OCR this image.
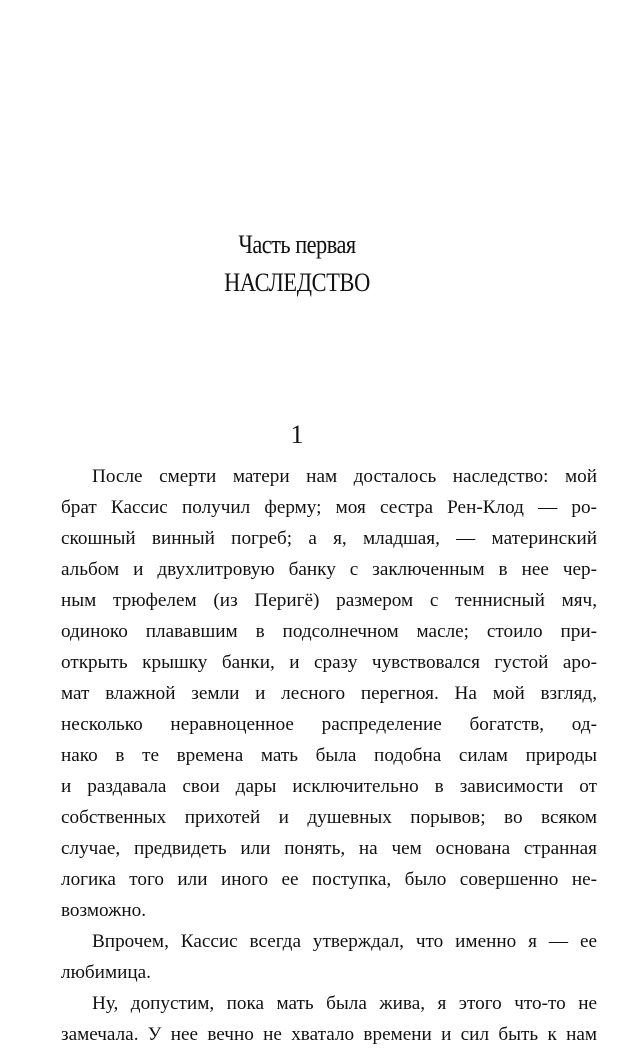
Часть первая
НАСЛЕДСТВО
1
После смерти матери нам досталось наследство: мой
брат Кассис получил ферму; моя сестра Рен-Клод — ро-
скошный винный погреб; а я, младшая, — материнский
альбом и двухлитровую банку с заключенным в нее чер-
ным трюфелем (из Перигё) размером с теннисный мяч,
одиноко плававшим в подсолнечном масле; стоило при-
открыть крышку банки, и сразу чувствовался густой аро-
мат влажной земли и лесного перегноя. На мой взгляд,
несколько неравноценное распределение богатств, од-
нако в те времена мать была подобна силам природы
и раздавала свои дары исключительно в зависимости от
собственных прихотей и душевных порывов; во всяком
случае, предвидеть или понять, на чем основана странная
логика того или иного ее поступка, было совершенно не-
возможно.
Впрочем, Кассис всегда утверждал, что именно я — ее
любимица.
Ну, допустим, пока мать была жива, я этого что-то не
замечала. У нее вечно не хватало времени и сил быть к нам
